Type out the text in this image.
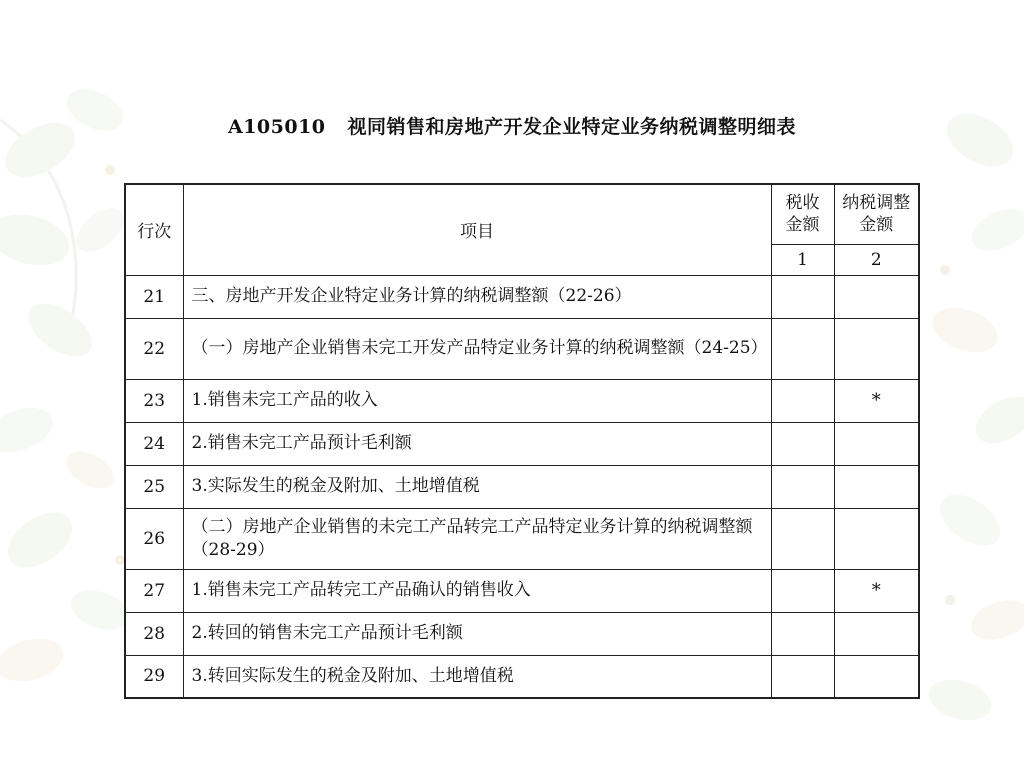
A105010 视同销售和房地产开发企业特定业务纳税调整明细表
行次	项目	税收金额	纳税调整金额
		1	2
21	三、房地产开发企业特定业务计算的纳税调整额（22-26）		
22	（一）房地产企业销售未完工开发产品特定业务计算的纳税调整额（24-25）		
23	1.销售未完工产品的收入		*
24	2.销售未完工产品预计毛利额		
25	3.实际发生的税金及附加、土地增值税		
26	（二）房地产企业销售的未完工产品转完工产品特定业务计算的纳税调整额（28-29）		
27	1.销售未完工产品转完工产品确认的销售收入		*
28	2.转回的销售未完工产品预计毛利额		
29	3.转回实际发生的税金及附加、土地增值税		
